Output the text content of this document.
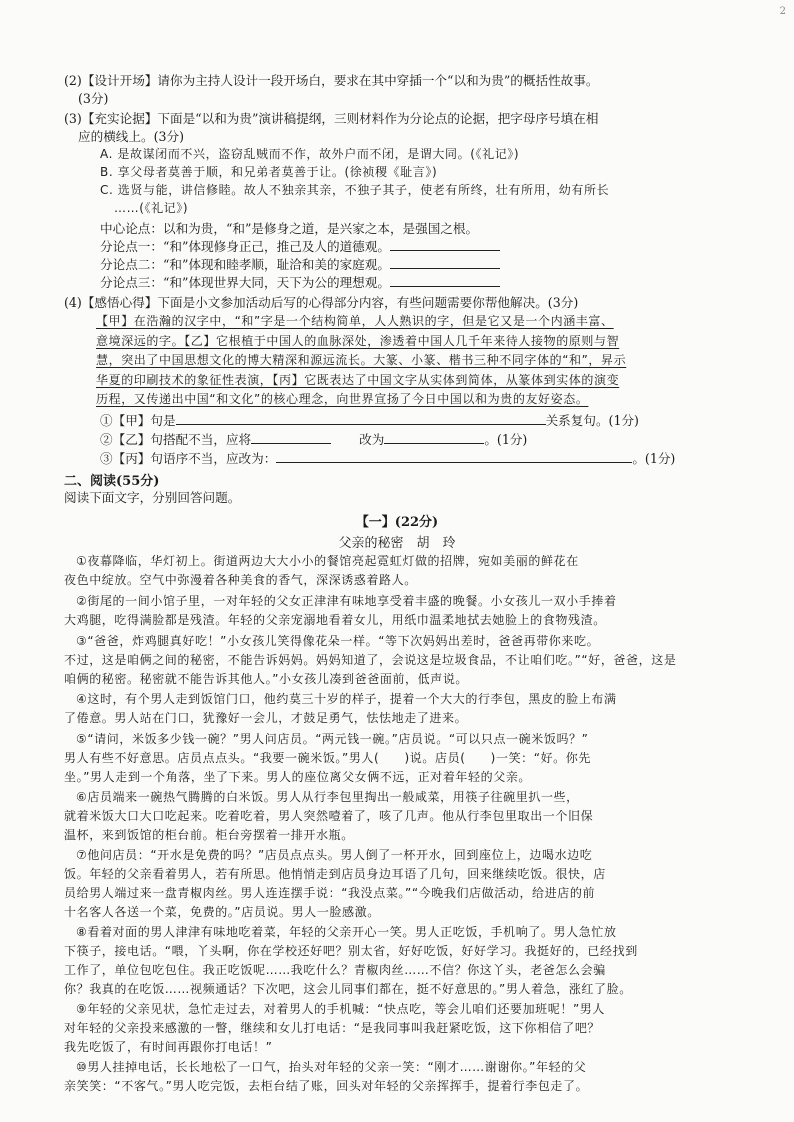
2
(2)【设计开场】请你为主持人设计一段开场白，要求在其中穿插一个“以和为贵”的概括性故事。
(3分)
(3)【充实论据】下面是“以和为贵”演讲稿提纲，三则材料作为分论点的论据，把字母序号填在相
应的横线上。(3分)
A. 是故谋闭而不兴，盗窃乱贼而不作，故外户而不闭，是谓大同。(《礼记》)
B. 享父母者莫善于顺，和兄弟者莫善于让。(徐祯稷《耻言》)
C. 选贤与能，讲信修睦。故人不独亲其亲，不独子其子，使老有所终，壮有所用，幼有所长
……(《礼记》)
中心论点：以和为贵，“和”是修身之道，是兴家之本，是强国之根。
分论点一：“和”体现修身正己，推己及人的道德观。
分论点二：“和”体现和睦孝顺，耻洽和美的家庭观。
分论点三：“和”体现世界大同，天下为公的理想观。
(4)【感悟心得】下面是小文参加活动后写的心得部分内容，有些问题需要你帮他解决。(3分)
【甲】在浩瀚的汉字中，“和”字是一个结构简单，人人熟识的字，但是它又是一个内涵丰富、
意境深远的字。【乙】它根植于中国人的血脉深处，渗透着中国人几千年来待人接物的原则与智
慧，突出了中国思想文化的博大精深和源远流长。大篆、小篆、楷书三种不同字体的“和”，昇示
华夏的印刷技术的象征性表演，【丙】它既表达了中国文字从实体到简体，从篆体到实体的演变
历程，又传递出中国“和文化”的核心理念，向世界宣扬了今日中国以和为贵的友好姿态。
①【甲】句是	关系复句。(1分)
②【乙】句搭配不当，应将	改为	。(1分)
③【丙】句语序不当，应改为：	。(1分)
二、阅读(55分)
阅读下面文字，分别回答问题。
【一】(22分)
父亲的秘密　胡　玲
①夜幕降临，华灯初上。街道两边大大小小的餐馆亮起霓虹灯做的招牌，宛如美丽的鲜花在
夜色中绽放。空气中弥漫着各种美食的香气，深深诱惑着路人。
②街尾的一间小馆子里，一对年轻的父女正津津有味地享受着丰盛的晚餐。小女孩儿一双小手捧着
大鸡腿，吃得满脸都是残渣。年轻的父亲宠溺地看着女儿，用纸巾温柔地拭去她脸上的食物残渣。
③“爸爸，炸鸡腿真好吃！”小女孩儿笑得像花朵一样。“等下次妈妈出差时，爸爸再带你来吃。
不过，这是咱俩之间的秘密，不能告诉妈妈。妈妈知道了，会说这是垃圾食品，不让咱们吃。”“好，爸爸，这是
咱俩的秘密。秘密就不能告诉其他人。”小女孩儿凑到爸爸面前，低声说。
④这时，有个男人走到饭馆门口，他约莫三十岁的样子，提着一个大大的行李包，黑皮的脸上布满
了倦意。男人站在门口，犹豫好一会儿，才鼓足勇气，怯怯地走了进来。
⑤“请问，米饭多少钱一碗？”男人问店员。“两元钱一碗。”店员说。“可以只点一碗米饭吗？”
男人有些不好意思。店员点点头。“我要一碗米饭。”男人(　　)说。店员(　　)一笑：“好。你先
坐。”男人走到一个角落，坐了下来。男人的座位离父女俩不远，正对着年轻的父亲。
⑥店员端来一碗热气腾腾的白米饭。男人从行李包里掏出一般咸菜，用筷子往碗里扒一些，
就着米饭大口大口吃起来。吃着吃着，男人突然噎着了，咳了几声。他从行李包里取出一个旧保
温杯，来到饭馆的柜台前。柜台旁摆着一排开水瓶。
⑦他问店员：“开水是免费的吗？”店员点点头。男人倒了一杯开水，回到座位上，边喝水边吃
饭。年轻的父亲看着男人，若有所思。他悄悄走到店员身边耳语了几句，回来继续吃饭。很快，店
员给男人端过来一盘青椒肉丝。男人连连摆手说：“我没点菜。”“今晚我们店做活动，给进店的前
十名客人各送一个菜，免费的。”店员说。男人一脸感激。
⑧看着对面的男人津津有味地吃着菜，年轻的父亲开心一笑。男人正吃饭，手机响了。男人急忙放
下筷子，接电话。“喂，丫头啊，你在学校还好吧？别太省，好好吃饭，好好学习。我挺好的，已经找到
工作了，单位包吃包住。我正吃饭呢……我吃什么？青椒肉丝……不信？你这丫头，老爸怎么会骗
你？我真的在吃饭……视频通话？下次吧，这会儿同事们都在，挺不好意思的。”男人着急，涨红了脸。
⑨年轻的父亲见状，急忙走过去，对着男人的手机喊：“快点吃，等会儿咱们还要加班呢！”男人
对年轻的父亲投来感激的一瞥，继续和女儿打电话：“是我同事叫我赶紧吃饭，这下你相信了吧？
我先吃饭了，有时间再跟你打电话！”
⑩男人挂掉电话，长长地松了一口气，抬头对年轻的父亲一笑：“刚才……谢谢你。”年轻的父
亲笑笑：“不客气。”男人吃完饭，去柜台结了账，回头对年轻的父亲挥挥手，提着行李包走了。
